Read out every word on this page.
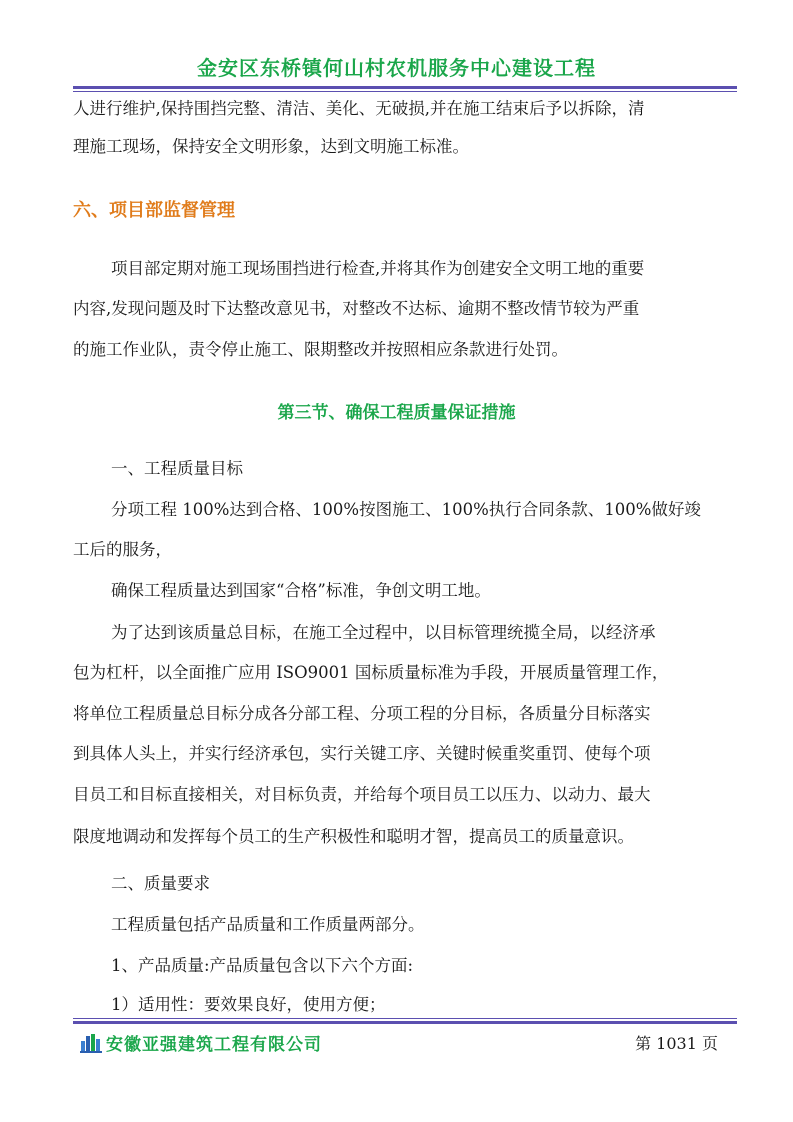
金安区东桥镇何山村农机服务中心建设工程
人进行维护,保持围挡完整、清洁、美化、无破损,并在施工结束后予以拆除，清
理施工现场，保持安全文明形象，达到文明施工标准。
六、项目部监督管理
项目部定期对施工现场围挡进行检查,并将其作为创建安全文明工地的重要
内容,发现问题及时下达整改意见书，对整改不达标、逾期不整改情节较为严重
的施工作业队，责令停止施工、限期整改并按照相应条款进行处罚。
第三节、确保工程质量保证措施
一、工程质量目标
分项工程 100%达到合格、100%按图施工、100%执行合同条款、100%做好竣
工后的服务，
确保工程质量达到国家“合格”标准，争创文明工地。
为了达到该质量总目标，在施工全过程中，以目标管理统揽全局，以经济承
包为杠杆，以全面推广应用 ISO9001 国标质量标准为手段，开展质量管理工作，
将单位工程质量总目标分成各分部工程、分项工程的分目标，各质量分目标落实
到具体人头上，并实行经济承包，实行关键工序、关键时候重奖重罚、使每个项
目员工和目标直接相关，对目标负责，并给每个项目员工以压力、以动力、最大
限度地调动和发挥每个员工的生产积极性和聪明才智，提高员工的质量意识。
二、质量要求
工程质量包括产品质量和工作质量两部分。
1、产品质量:产品质量包含以下六个方面:
1）适用性：要效果良好，使用方便；
安徽亚强建筑工程有限公司	第 1031 页
